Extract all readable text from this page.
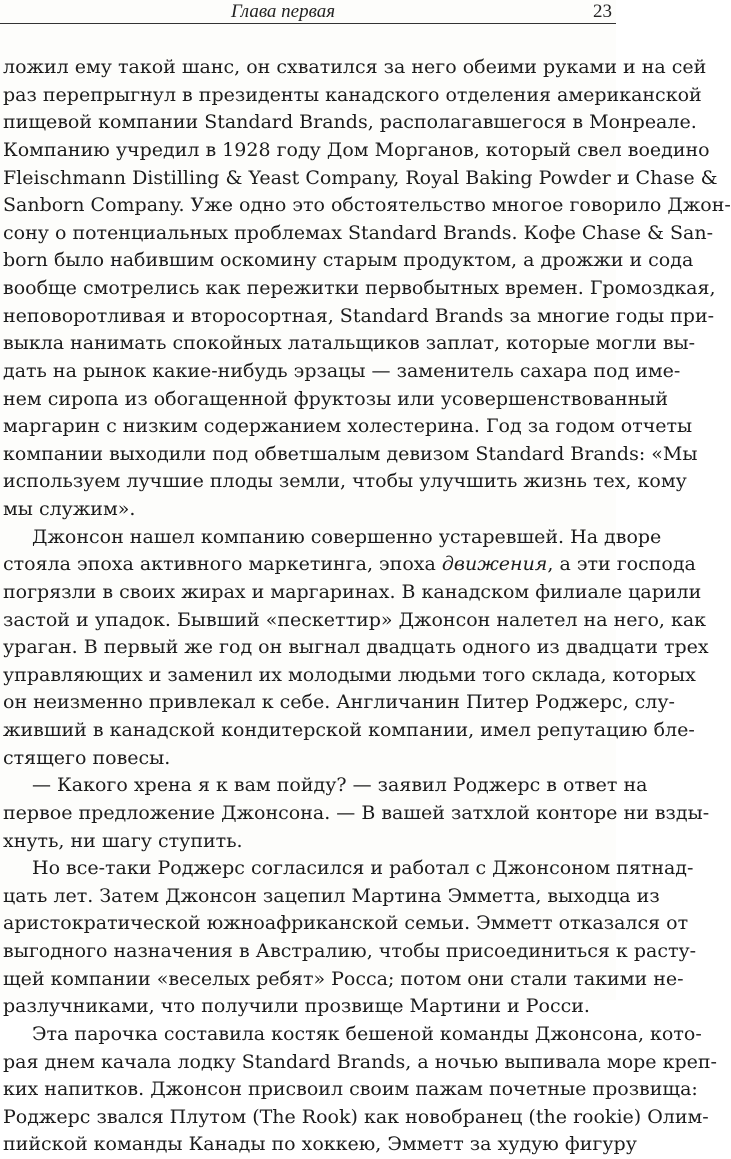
Глава первая	23
ложил ему такой шанс, он схватился за него обеими руками и на сей
раз перепрыгнул в президенты канадского отделения американской
пищевой компании Standard Brands, располагавшегося в Монреале.
Компанию учредил в 1928 году Дом Морганов, который свел воедино
Fleischmann Distilling & Yeast Company, Royal Baking Powder и Chase &
Sanborn Company. Уже одно это обстоятельство многое говорило Джон-
сону о потенциальных проблемах Standard Brands. Кофе Chase & San-
born было набившим оскомину старым продуктом, а дрожжи и сода
вообще смотрелись как пережитки первобытных времен. Громоздкая,
неповоротливая и второсортная, Standard Brands за многие годы при-
выкла нанимать спокойных латальщиков заплат, которые могли вы-
дать на рынок какие-нибудь эрзацы — заменитель сахара под име-
нем сиропа из обогащенной фруктозы или усовершенствованный
маргарин с низким содержанием холестерина. Год за годом отчеты
компании выходили под обветшалым девизом Standard Brands: «Мы
используем лучшие плоды земли, чтобы улучшить жизнь тех, кому
мы служим».
Джонсон нашел компанию совершенно устаревшей. На дворе
стояла эпоха активного маркетинга, эпоха движения, а эти господа
погрязли в своих жирах и маргаринах. В канадском филиале царили
застой и упадок. Бывший «пескеттир» Джонсон налетел на него, как
ураган. В первый же год он выгнал двадцать одного из двадцати трех
управляющих и заменил их молодыми людьми того склада, которых
он неизменно привлекал к себе. Англичанин Питер Роджерс, слу-
живший в канадской кондитерской компании, имел репутацию бле-
стящего повесы.
— Какого хрена я к вам пойду? — заявил Роджерс в ответ на
первое предложение Джонсона. — В вашей затхлой конторе ни взды-
хнуть, ни шагу ступить.
Но все-таки Роджерс согласился и работал с Джонсоном пятнад-
цать лет. Затем Джонсон зацепил Мартина Эмметта, выходца из
аристократической южноафриканской семьи. Эмметт отказался от
выгодного назначения в Австралию, чтобы присоединиться к расту-
щей компании «веселых ребят» Росса; потом они стали такими не-
разлучниками, что получили прозвище Мартини и Росси.
Эта парочка составила костяк бешеной команды Джонсона, кото-
рая днем качала лодку Standard Brands, а ночью выпивала море креп-
ких напитков. Джонсон присвоил своим пажам почетные прозвища:
Роджерс звался Плутом (The Rook) как новобранец (the rookie) Олим-
пийской команды Канады по хоккею, Эмметт за худую фигуру
